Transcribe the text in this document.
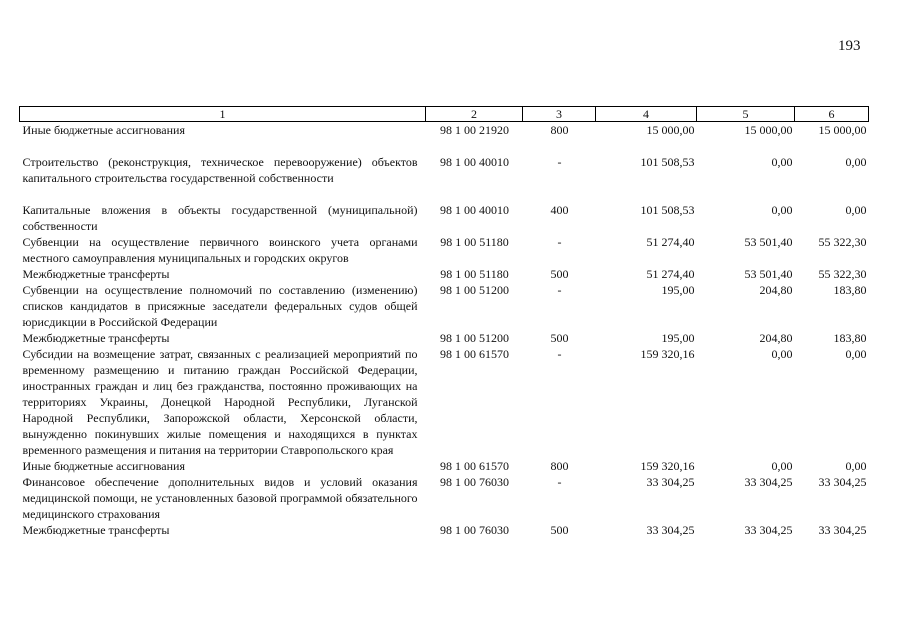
193
1	2	3	4	5	6
Иные бюджетные ассигнования	98 1 00 21920	800	15 000,00	15 000,00	15 000,00
Строительство (реконструкция, техническое перевооружение) объектов капитального строительства государственной собственности	98 1 00 40010	-	101 508,53	0,00	0,00
Капитальные вложения в объекты государственной (муниципальной) собственности	98 1 00 40010	400	101 508,53	0,00	0,00
Субвенции на осуществление первичного воинского учета органами местного самоуправления муниципальных и городских округов	98 1 00 51180	-	51 274,40	53 501,40	55 322,30
Межбюджетные трансферты	98 1 00 51180	500	51 274,40	53 501,40	55 322,30
Субвенции на осуществление полномочий по составлению (изменению) списков кандидатов в присяжные заседатели федеральных судов общей юрисдикции в Российской Федерации	98 1 00 51200	-	195,00	204,80	183,80
Межбюджетные трансферты	98 1 00 51200	500	195,00	204,80	183,80
Субсидии на возмещение затрат, связанных с реализацией мероприятий по временному размещению и питанию граждан Российской Федерации, иностранных граждан и лиц без гражданства, постоянно проживающих на территориях Украины, Донецкой Народной Республики, Луганской Народной Республики, Запорожской области, Херсонской области, вынужденно покинувших жилые помещения и находящихся в пунктах временного размещения и питания на территории Ставропольского края	98 1 00 61570	-	159 320,16	0,00	0,00
Иные бюджетные ассигнования	98 1 00 61570	800	159 320,16	0,00	0,00
Финансовое обеспечение дополнительных видов и условий оказания медицинской помощи, не установленных базовой программой обязательного медицинского страхования	98 1 00 76030	-	33 304,25	33 304,25	33 304,25
Межбюджетные трансферты	98 1 00 76030	500	33 304,25	33 304,25	33 304,25
